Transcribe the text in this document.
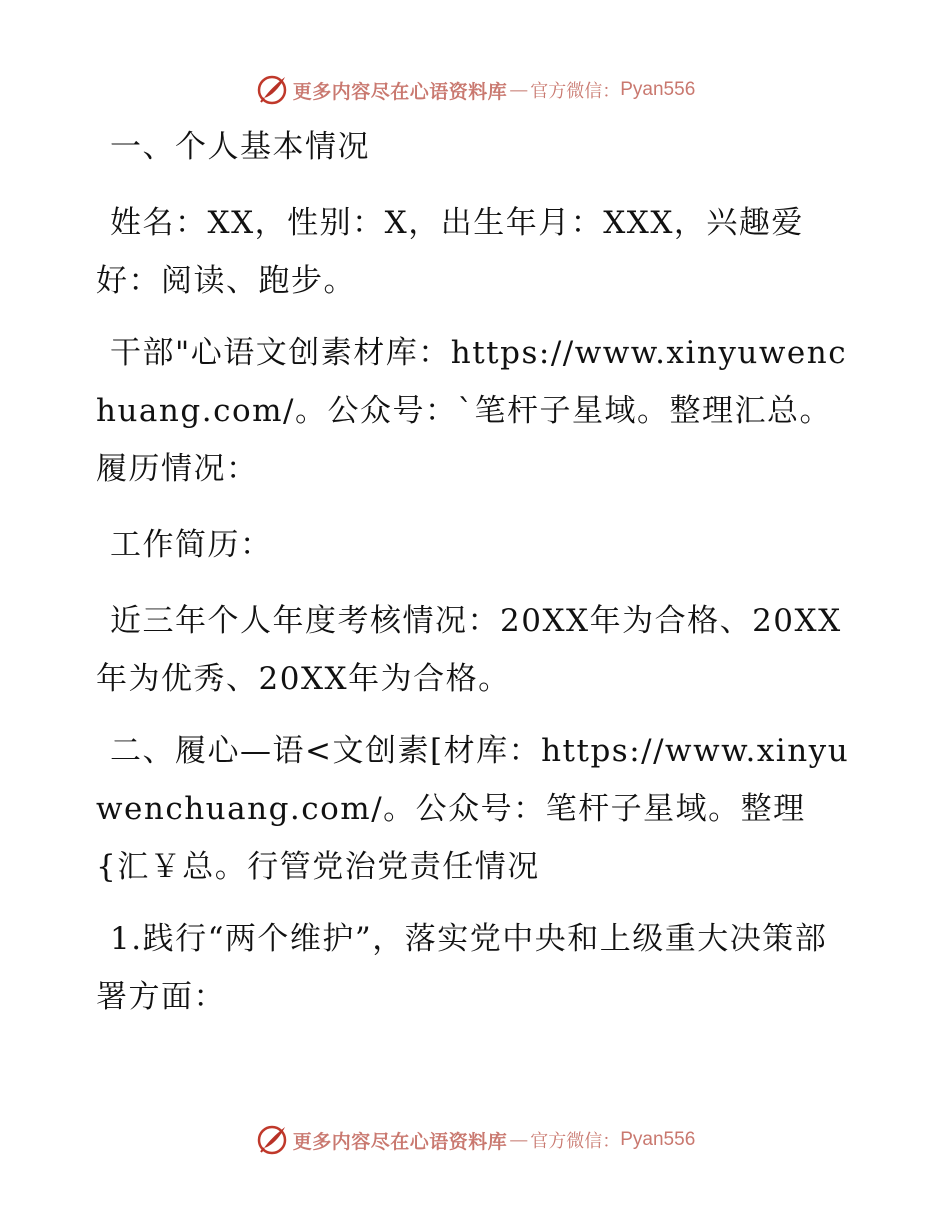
更多内容尽在心语资料库 — 官方微信： Pyan556

一、个人基本情况

姓名：XX，性别：X，出生年月：XXX，兴趣爱好：阅读、跑步。

干部"心语文创素材库：https://www.xinyuwenchuang.com/。公众号：`笔杆子星域。整理汇总。履历情况：

工作简历：

近三年个人年度考核情况：20XX年为合格、20XX年为优秀、20XX年为合格。

二、履心—语<文创素[材库：https://www.xinyuwenchuang.com/。公众号：笔杆子星域。整理{汇￥总。行管党治党责任情况

1.践行“两个维护”，落实党中央和上级重大决策部署方面：

更多内容尽在心语资料库 — 官方微信： Pyan556
